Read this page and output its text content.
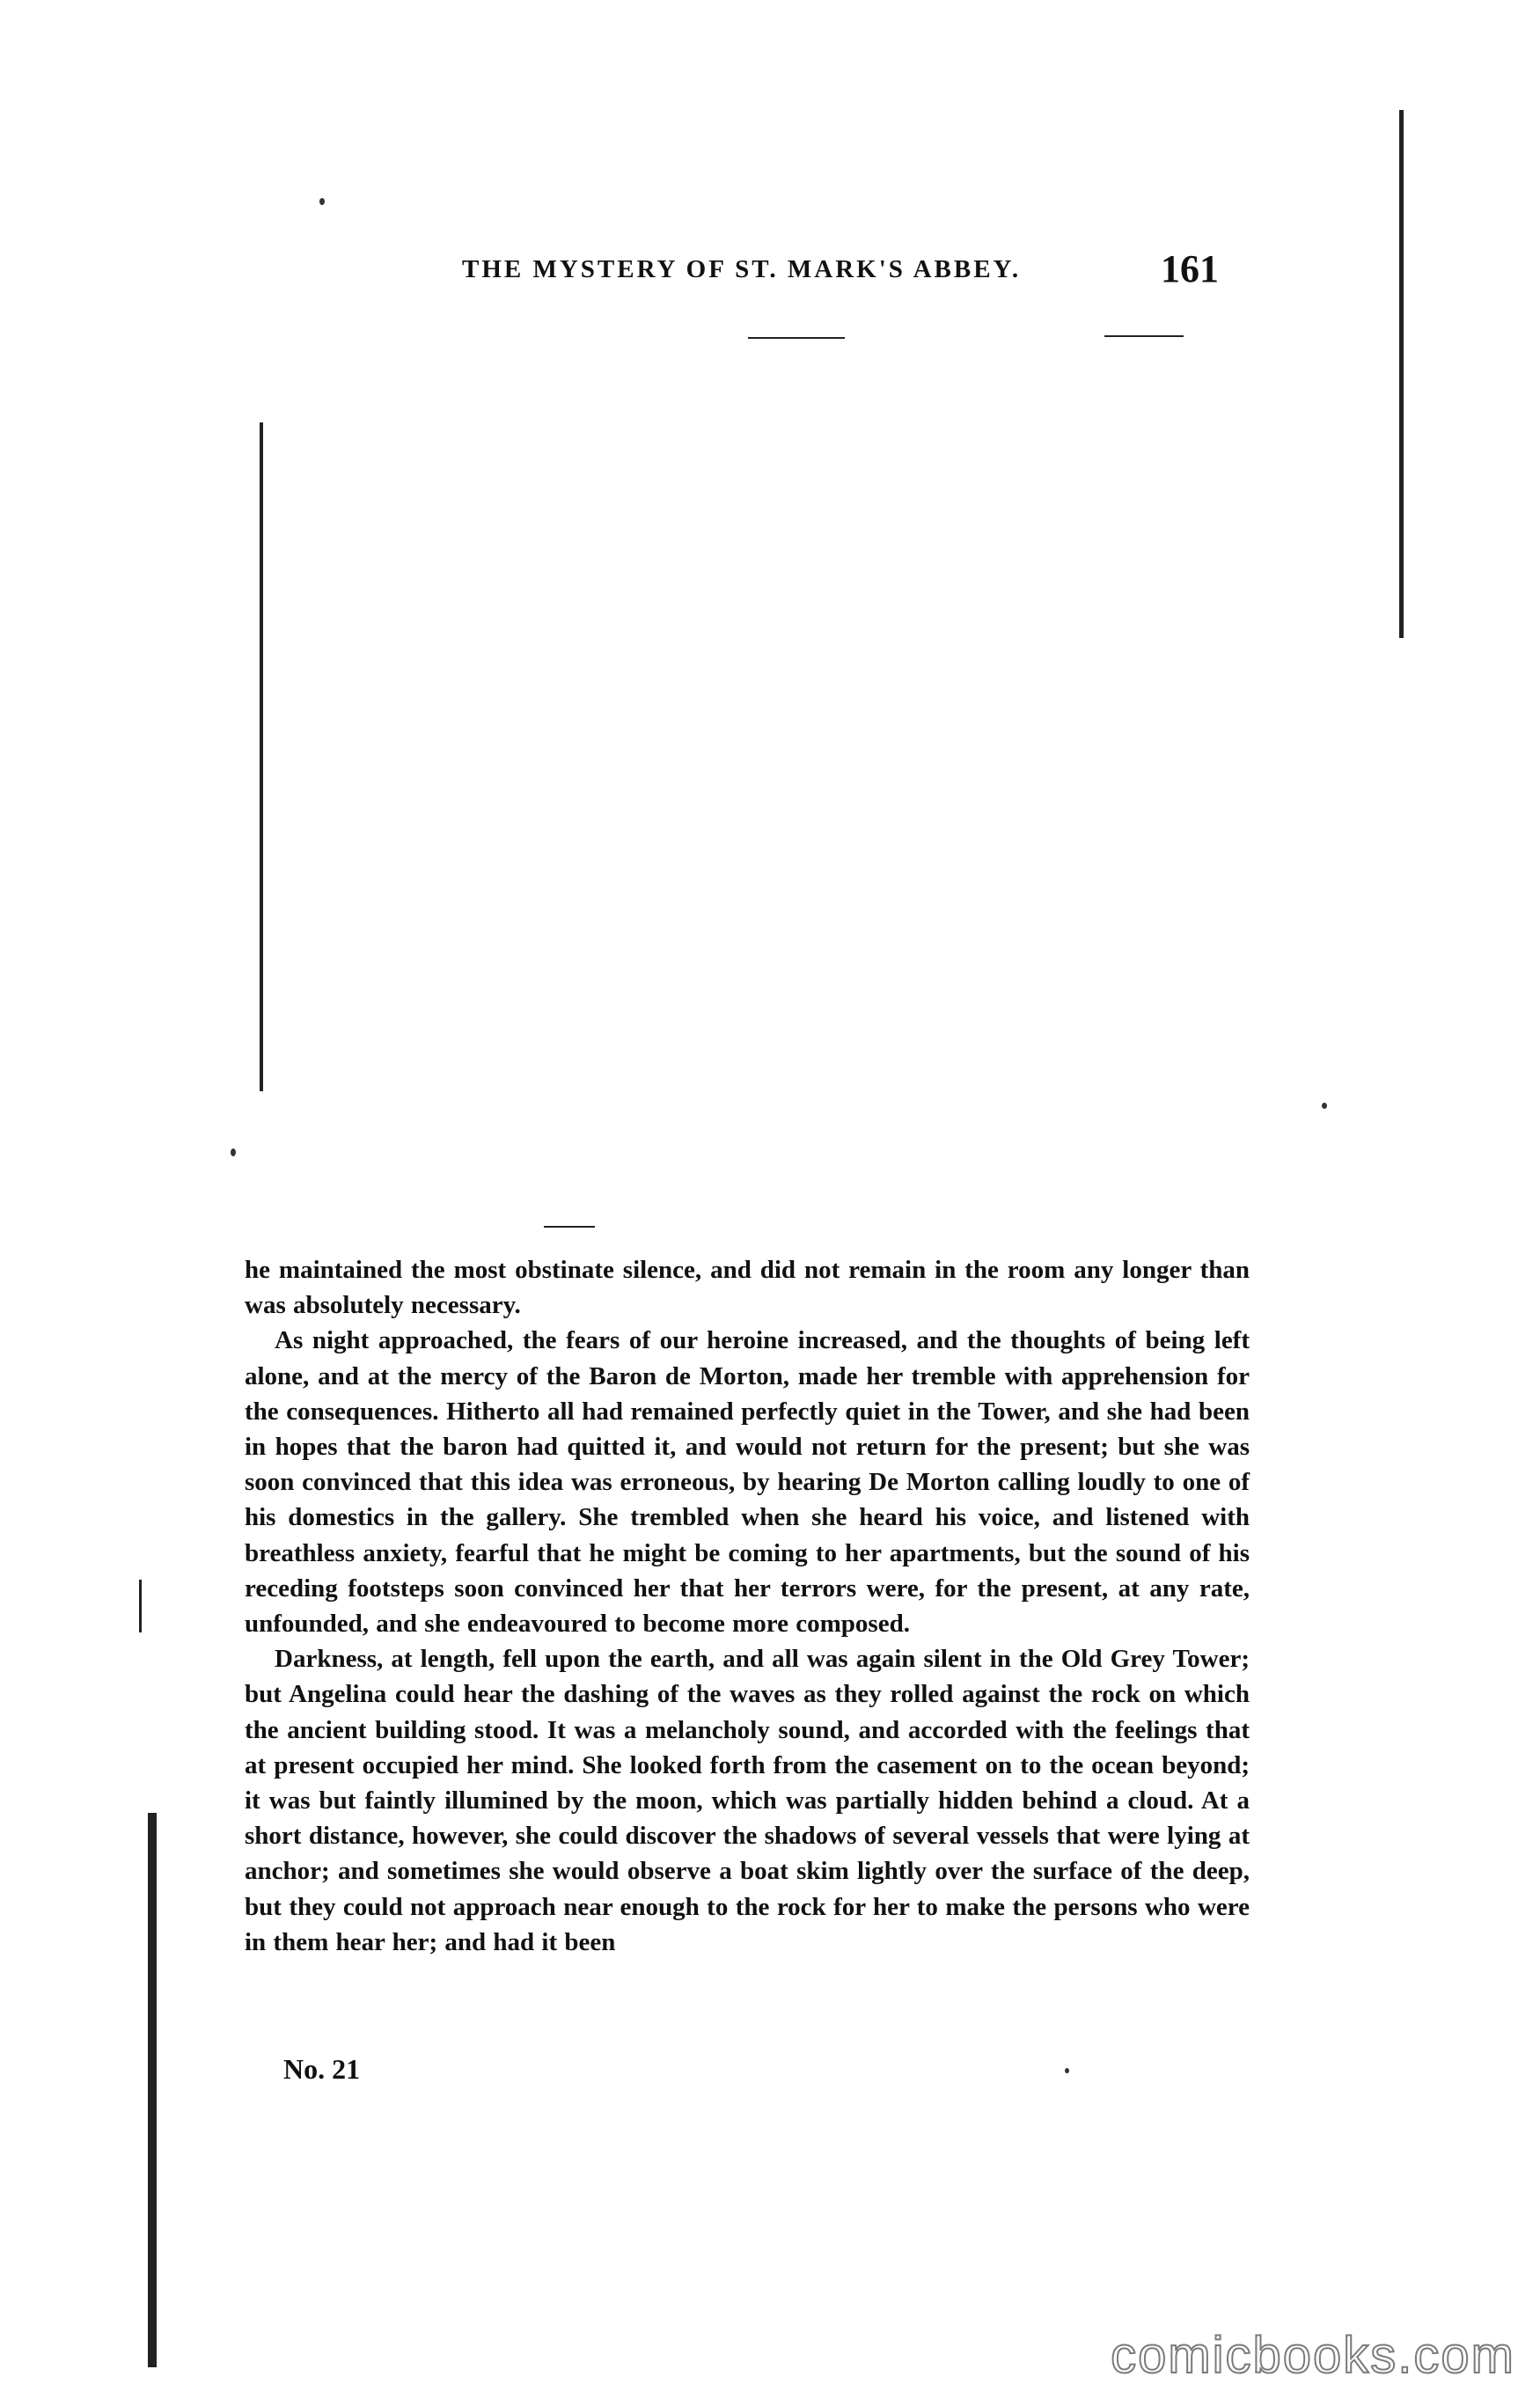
THE MYSTERY OF ST. MARK'S ABBEY.	161

he maintained the most obstinate silence, and did not remain in the room any longer than was absolutely necessary.

As night approached, the fears of our heroine increased, and the thoughts of being left alone, and at the mercy of the Baron de Morton, made her tremble with apprehension for the consequences. Hitherto all had remained perfectly quiet in the Tower, and she had been in hopes that the baron had quitted it, and would not return for the present; but she was soon convinced that this idea was erroneous, by hearing De Morton calling loudly to one of his domestics in the gallery. She trembled when she heard his voice, and listened with breathless anxiety, fearful that he might be coming to her apartments, but the sound of his receding footsteps soon convinced her that her terrors were, for the present, at any rate, unfounded, and she endeavoured to become more composed.

Darkness, at length, fell upon the earth, and all was again silent in the Old Grey Tower; but Angelina could hear the dashing of the waves as they rolled against the rock on which the ancient building stood. It was a melancholy sound, and accorded with the feelings that at present occupied her mind. She looked forth from the casement on to the ocean beyond; it was but faintly illumined by the moon, which was partially hidden behind a cloud. At a short distance, however, she could discover the shadows of several vessels that were lying at anchor; and sometimes she would observe a boat skim lightly over the surface of the deep, but they could not approach near enough to the rock for her to make the persons who were in them hear her; and had it been

No. 21
comicbooks.com
